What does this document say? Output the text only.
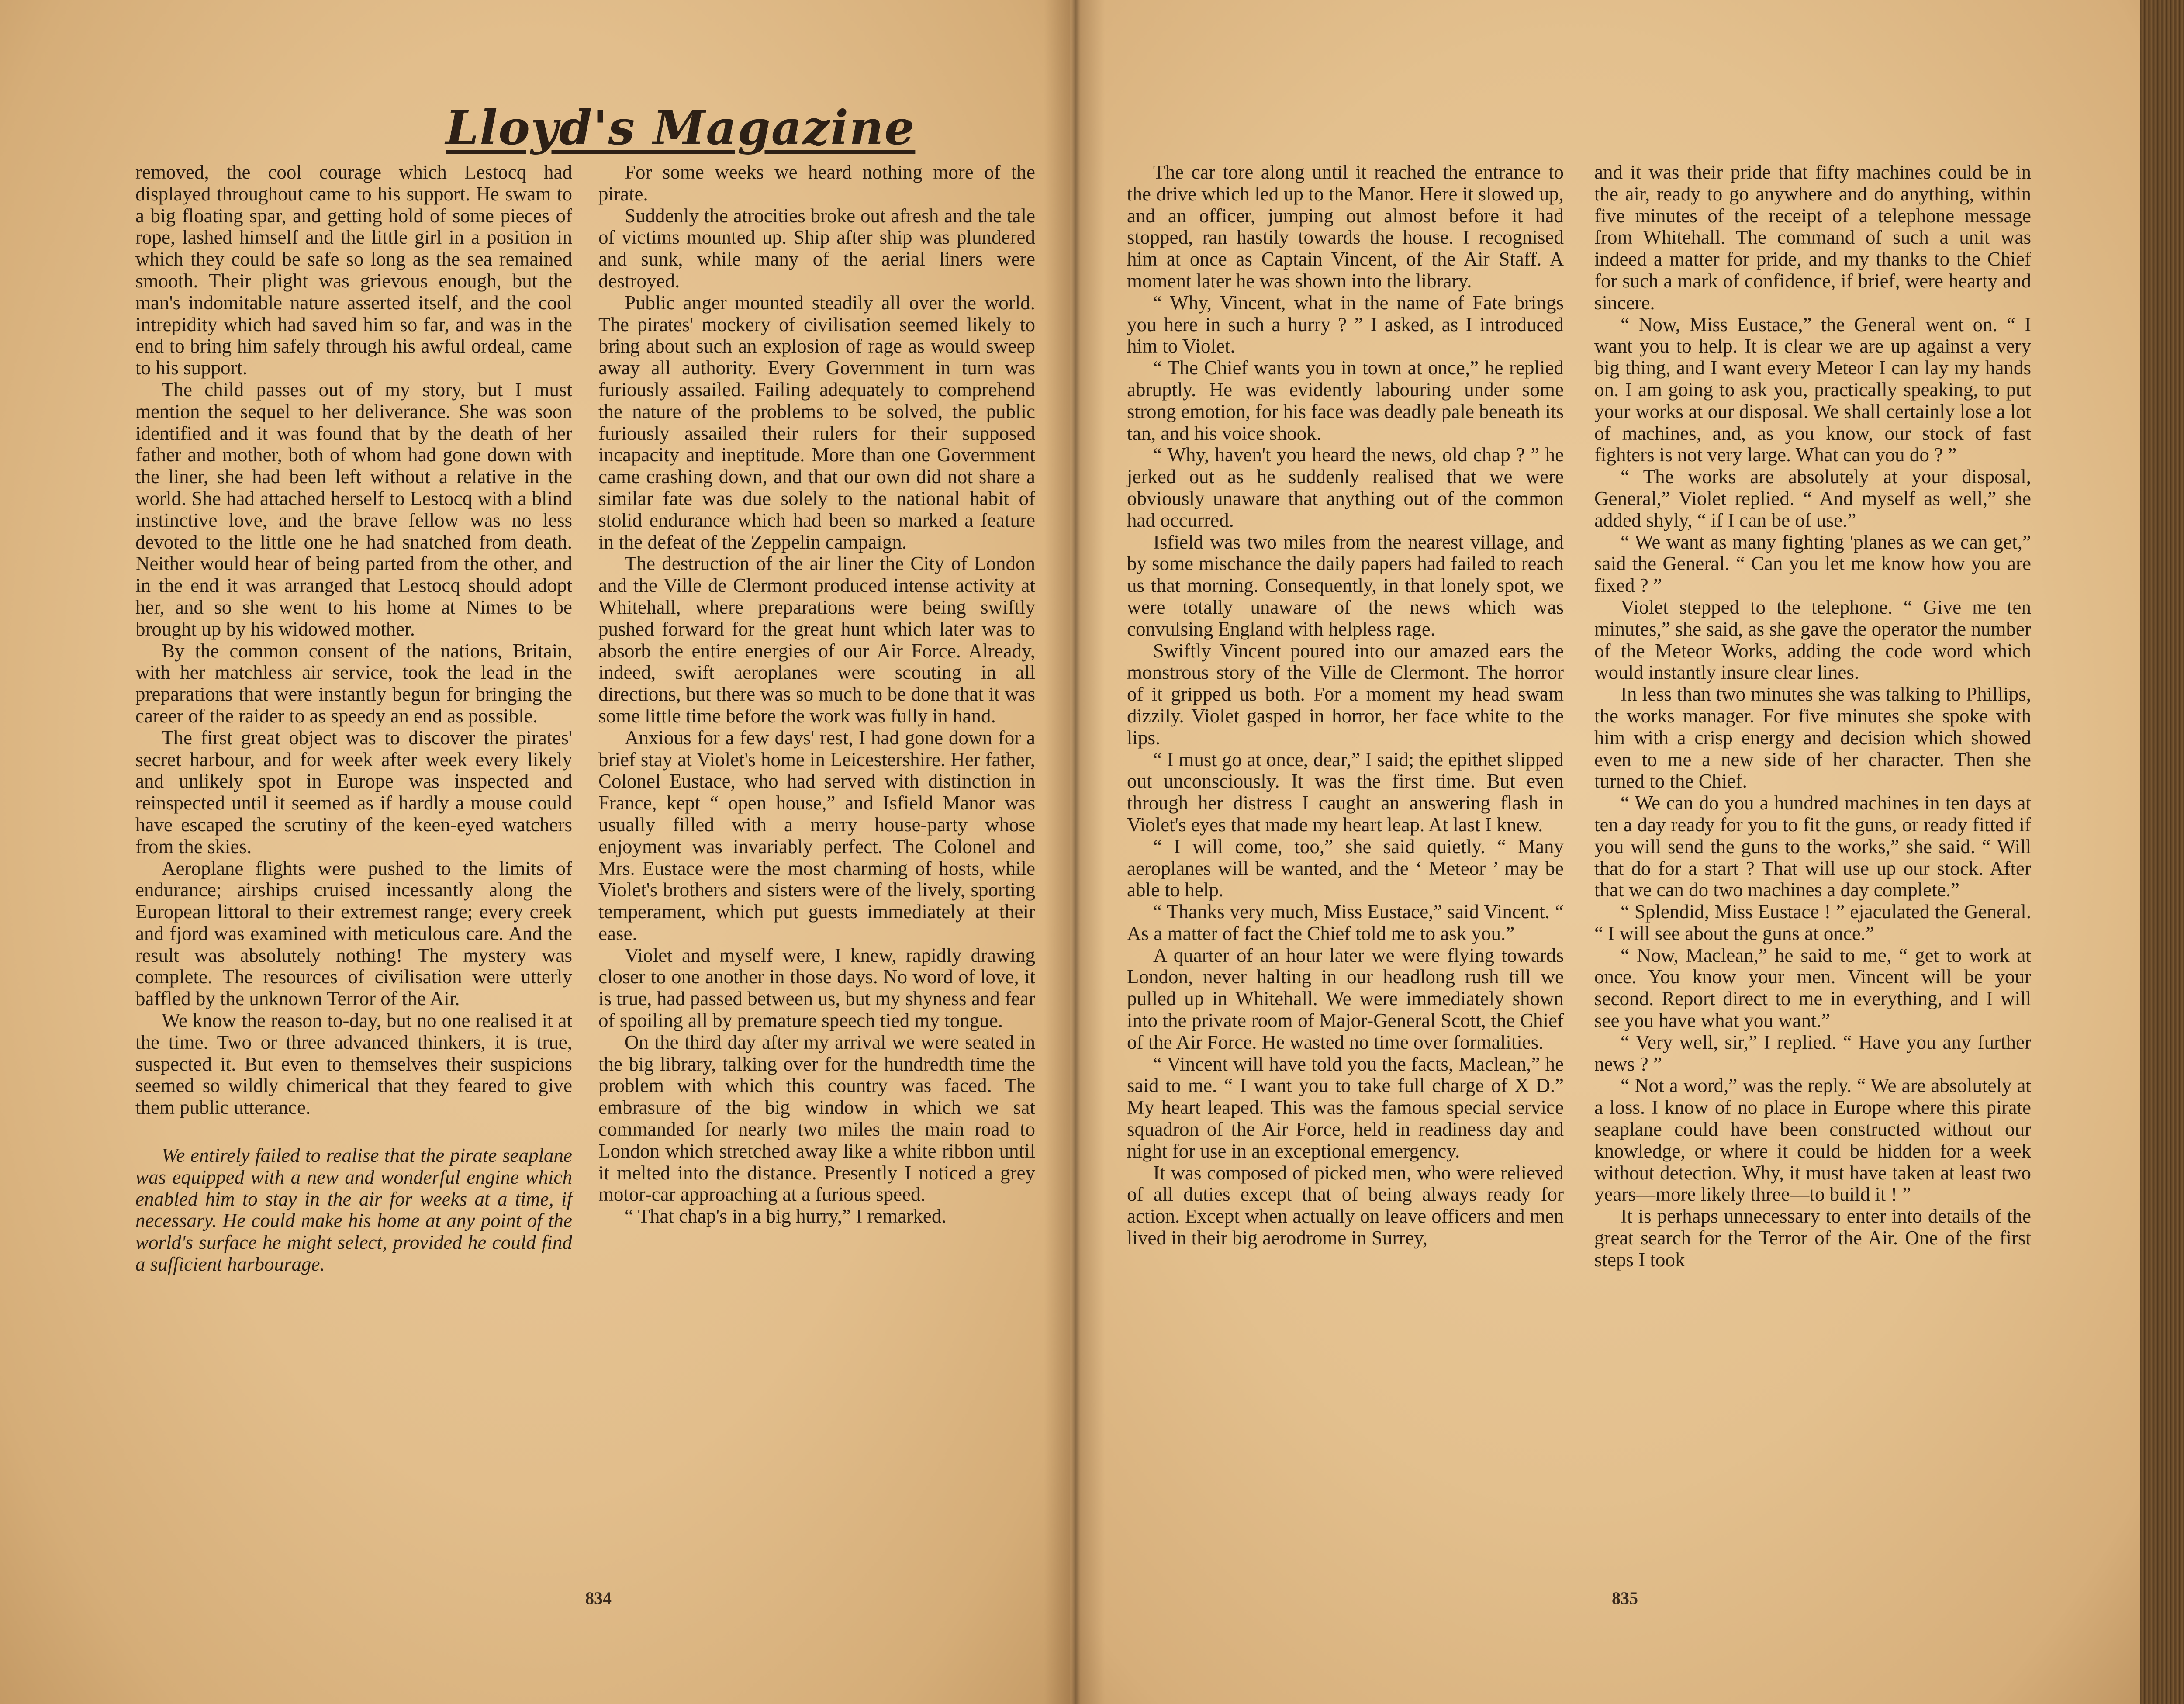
Lloyd's Magazine

removed, the cool courage which Lestocq had displayed throughout came to his support. He swam to a big floating spar, and getting hold of some pieces of rope, lashed himself and the little girl in a position in which they could be safe so long as the sea remained smooth. Their plight was grievous enough, but the man's indomitable nature asserted itself, and the cool intrepidity which had saved him so far, and was in the end to bring him safely through his awful ordeal, came to his support.

The child passes out of my story, but I must mention the sequel to her deliverance. She was soon identified and it was found that by the death of her father and mother, both of whom had gone down with the liner, she had been left without a relative in the world. She had attached herself to Lestocq with a blind instinctive love, and the brave fellow was no less devoted to the little one he had snatched from death. Neither would hear of being parted from the other, and in the end it was arranged that Lestocq should adopt her, and so she went to his home at Nimes to be brought up by his widowed mother.

By the common consent of the nations, Britain, with her matchless air service, took the lead in the preparations that were instantly begun for bringing the career of the raider to as speedy an end as possible.

The first great object was to discover the pirates' secret harbour, and for week after week every likely and unlikely spot in Europe was inspected and reinspected until it seemed as if hardly a mouse could have escaped the scrutiny of the keen-eyed watchers from the skies.

Aeroplane flights were pushed to the limits of endurance; airships cruised incessantly along the European littoral to their extremest range; every creek and fjord was examined with meticulous care. And the result was absolutely nothing! The mystery was complete. The resources of civilisation were utterly baffled by the unknown Terror of the Air.

We know the reason to-day, but no one realised it at the time. Two or three advanced thinkers, it is true, suspected it. But even to themselves their suspicions seemed so wildly chimerical that they feared to give them public utterance.

We entirely failed to realise that the pirate seaplane was equipped with a new and wonderful engine which enabled him to stay in the air for weeks at a time, if necessary. He could make his home at any point of the world's surface he might select, provided he could find a sufficient harbourage.

For some weeks we heard nothing more of the pirate.

Suddenly the atrocities broke out afresh and the tale of victims mounted up. Ship after ship was plundered and sunk, while many of the aerial liners were destroyed.

Public anger mounted steadily all over the world. The pirates' mockery of civilisation seemed likely to bring about such an explosion of rage as would sweep away all authority. Every Government in turn was furiously assailed. Failing adequately to comprehend the nature of the problems to be solved, the public furiously assailed their rulers for their supposed incapacity and ineptitude. More than one Government came crashing down, and that our own did not share a similar fate was due solely to the national habit of stolid endurance which had been so marked a feature in the defeat of the Zeppelin campaign.

The destruction of the air liner the City of London and the Ville de Clermont produced intense activity at Whitehall, where preparations were being swiftly pushed forward for the great hunt which later was to absorb the entire energies of our Air Force. Already, indeed, swift aeroplanes were scouting in all directions, but there was so much to be done that it was some little time before the work was fully in hand.

Anxious for a few days' rest, I had gone down for a brief stay at Violet's home in Leicestershire. Her father, Colonel Eustace, who had served with distinction in France, kept “ open house,” and Isfield Manor was usually filled with a merry house-party whose enjoyment was invariably perfect. The Colonel and Mrs. Eustace were the most charming of hosts, while Violet's brothers and sisters were of the lively, sporting temperament, which put guests immediately at their ease.

Violet and myself were, I knew, rapidly drawing closer to one another in those days. No word of love, it is true, had passed between us, but my shyness and fear of spoiling all by premature speech tied my tongue.

On the third day after my arrival we were seated in the big library, talking over for the hundredth time the problem with which this country was faced. The embrasure of the big window in which we sat commanded for nearly two miles the main road to London which stretched away like a white ribbon until it melted into the distance. Presently I noticed a grey motor-car approaching at a furious speed.

“ That chap's in a big hurry,” I remarked.

834

The car tore along until it reached the entrance to the drive which led up to the Manor. Here it slowed up, and an officer, jumping out almost before it had stopped, ran hastily towards the house. I recognised him at once as Captain Vincent, of the Air Staff. A moment later he was shown into the library.

“ Why, Vincent, what in the name of Fate brings you here in such a hurry ? ” I asked, as I introduced him to Violet.

“ The Chief wants you in town at once,” he replied abruptly. He was evidently labouring under some strong emotion, for his face was deadly pale beneath its tan, and his voice shook.

“ Why, haven't you heard the news, old chap ? ” he jerked out as he suddenly realised that we were obviously unaware that anything out of the common had occurred.

Isfield was two miles from the nearest village, and by some mischance the daily papers had failed to reach us that morning. Consequently, in that lonely spot, we were totally unaware of the news which was convulsing England with helpless rage.

Swiftly Vincent poured into our amazed ears the monstrous story of the Ville de Clermont. The horror of it gripped us both. For a moment my head swam dizzily. Violet gasped in horror, her face white to the lips.

“ I must go at once, dear,” I said; the epithet slipped out unconsciously. It was the first time. But even through her distress I caught an answering flash in Violet's eyes that made my heart leap. At last I knew.

“ I will come, too,” she said quietly. “ Many aeroplanes will be wanted, and the ‘ Meteor ’ may be able to help.

“ Thanks very much, Miss Eustace,” said Vincent. “ As a matter of fact the Chief told me to ask you.”

A quarter of an hour later we were flying towards London, never halting in our headlong rush till we pulled up in Whitehall. We were immediately shown into the private room of Major-General Scott, the Chief of the Air Force. He wasted no time over formalities.

“ Vincent will have told you the facts, Maclean,” he said to me. “ I want you to take full charge of X D.” My heart leaped. This was the famous special service squadron of the Air Force, held in readiness day and night for use in an exceptional emergency.

It was composed of picked men, who were relieved of all duties except that of being always ready for action. Except when actually on leave officers and men lived in their big aerodrome in Surrey,

and it was their pride that fifty machines could be in the air, ready to go anywhere and do anything, within five minutes of the receipt of a telephone message from Whitehall. The command of such a unit was indeed a matter for pride, and my thanks to the Chief for such a mark of confidence, if brief, were hearty and sincere.

“ Now, Miss Eustace,” the General went on. “ I want you to help. It is clear we are up against a very big thing, and I want every Meteor I can lay my hands on. I am going to ask you, practically speaking, to put your works at our disposal. We shall certainly lose a lot of machines, and, as you know, our stock of fast fighters is not very large. What can you do ? ”

“ The works are absolutely at your disposal, General,” Violet replied. “ And myself as well,” she added shyly, “ if I can be of use.”

“ We want as many fighting 'planes as we can get,” said the General. “ Can you let me know how you are fixed ? ”

Violet stepped to the telephone. “ Give me ten minutes,” she said, as she gave the operator the number of the Meteor Works, adding the code word which would instantly insure clear lines.

In less than two minutes she was talking to Phillips, the works manager. For five minutes she spoke with him with a crisp energy and decision which showed even to me a new side of her character. Then she turned to the Chief.

“ We can do you a hundred machines in ten days at ten a day ready for you to fit the guns, or ready fitted if you will send the guns to the works,” she said. “ Will that do for a start ? That will use up our stock. After that we can do two machines a day complete.”

“ Splendid, Miss Eustace ! ” ejaculated the General. “ I will see about the guns at once.”

“ Now, Maclean,” he said to me, “ get to work at once. You know your men. Vincent will be your second. Report direct to me in everything, and I will see you have what you want.”

“ Very well, sir,” I replied. “ Have you any further news ? ”

“ Not a word,” was the reply. “ We are absolutely at a loss. I know of no place in Europe where this pirate seaplane could have been constructed without our knowledge, or where it could be hidden for a week without detection. Why, it must have taken at least two years—more likely three—to build it ! ”

It is perhaps unnecessary to enter into details of the great search for the Terror of the Air. One of the first steps I took

835
